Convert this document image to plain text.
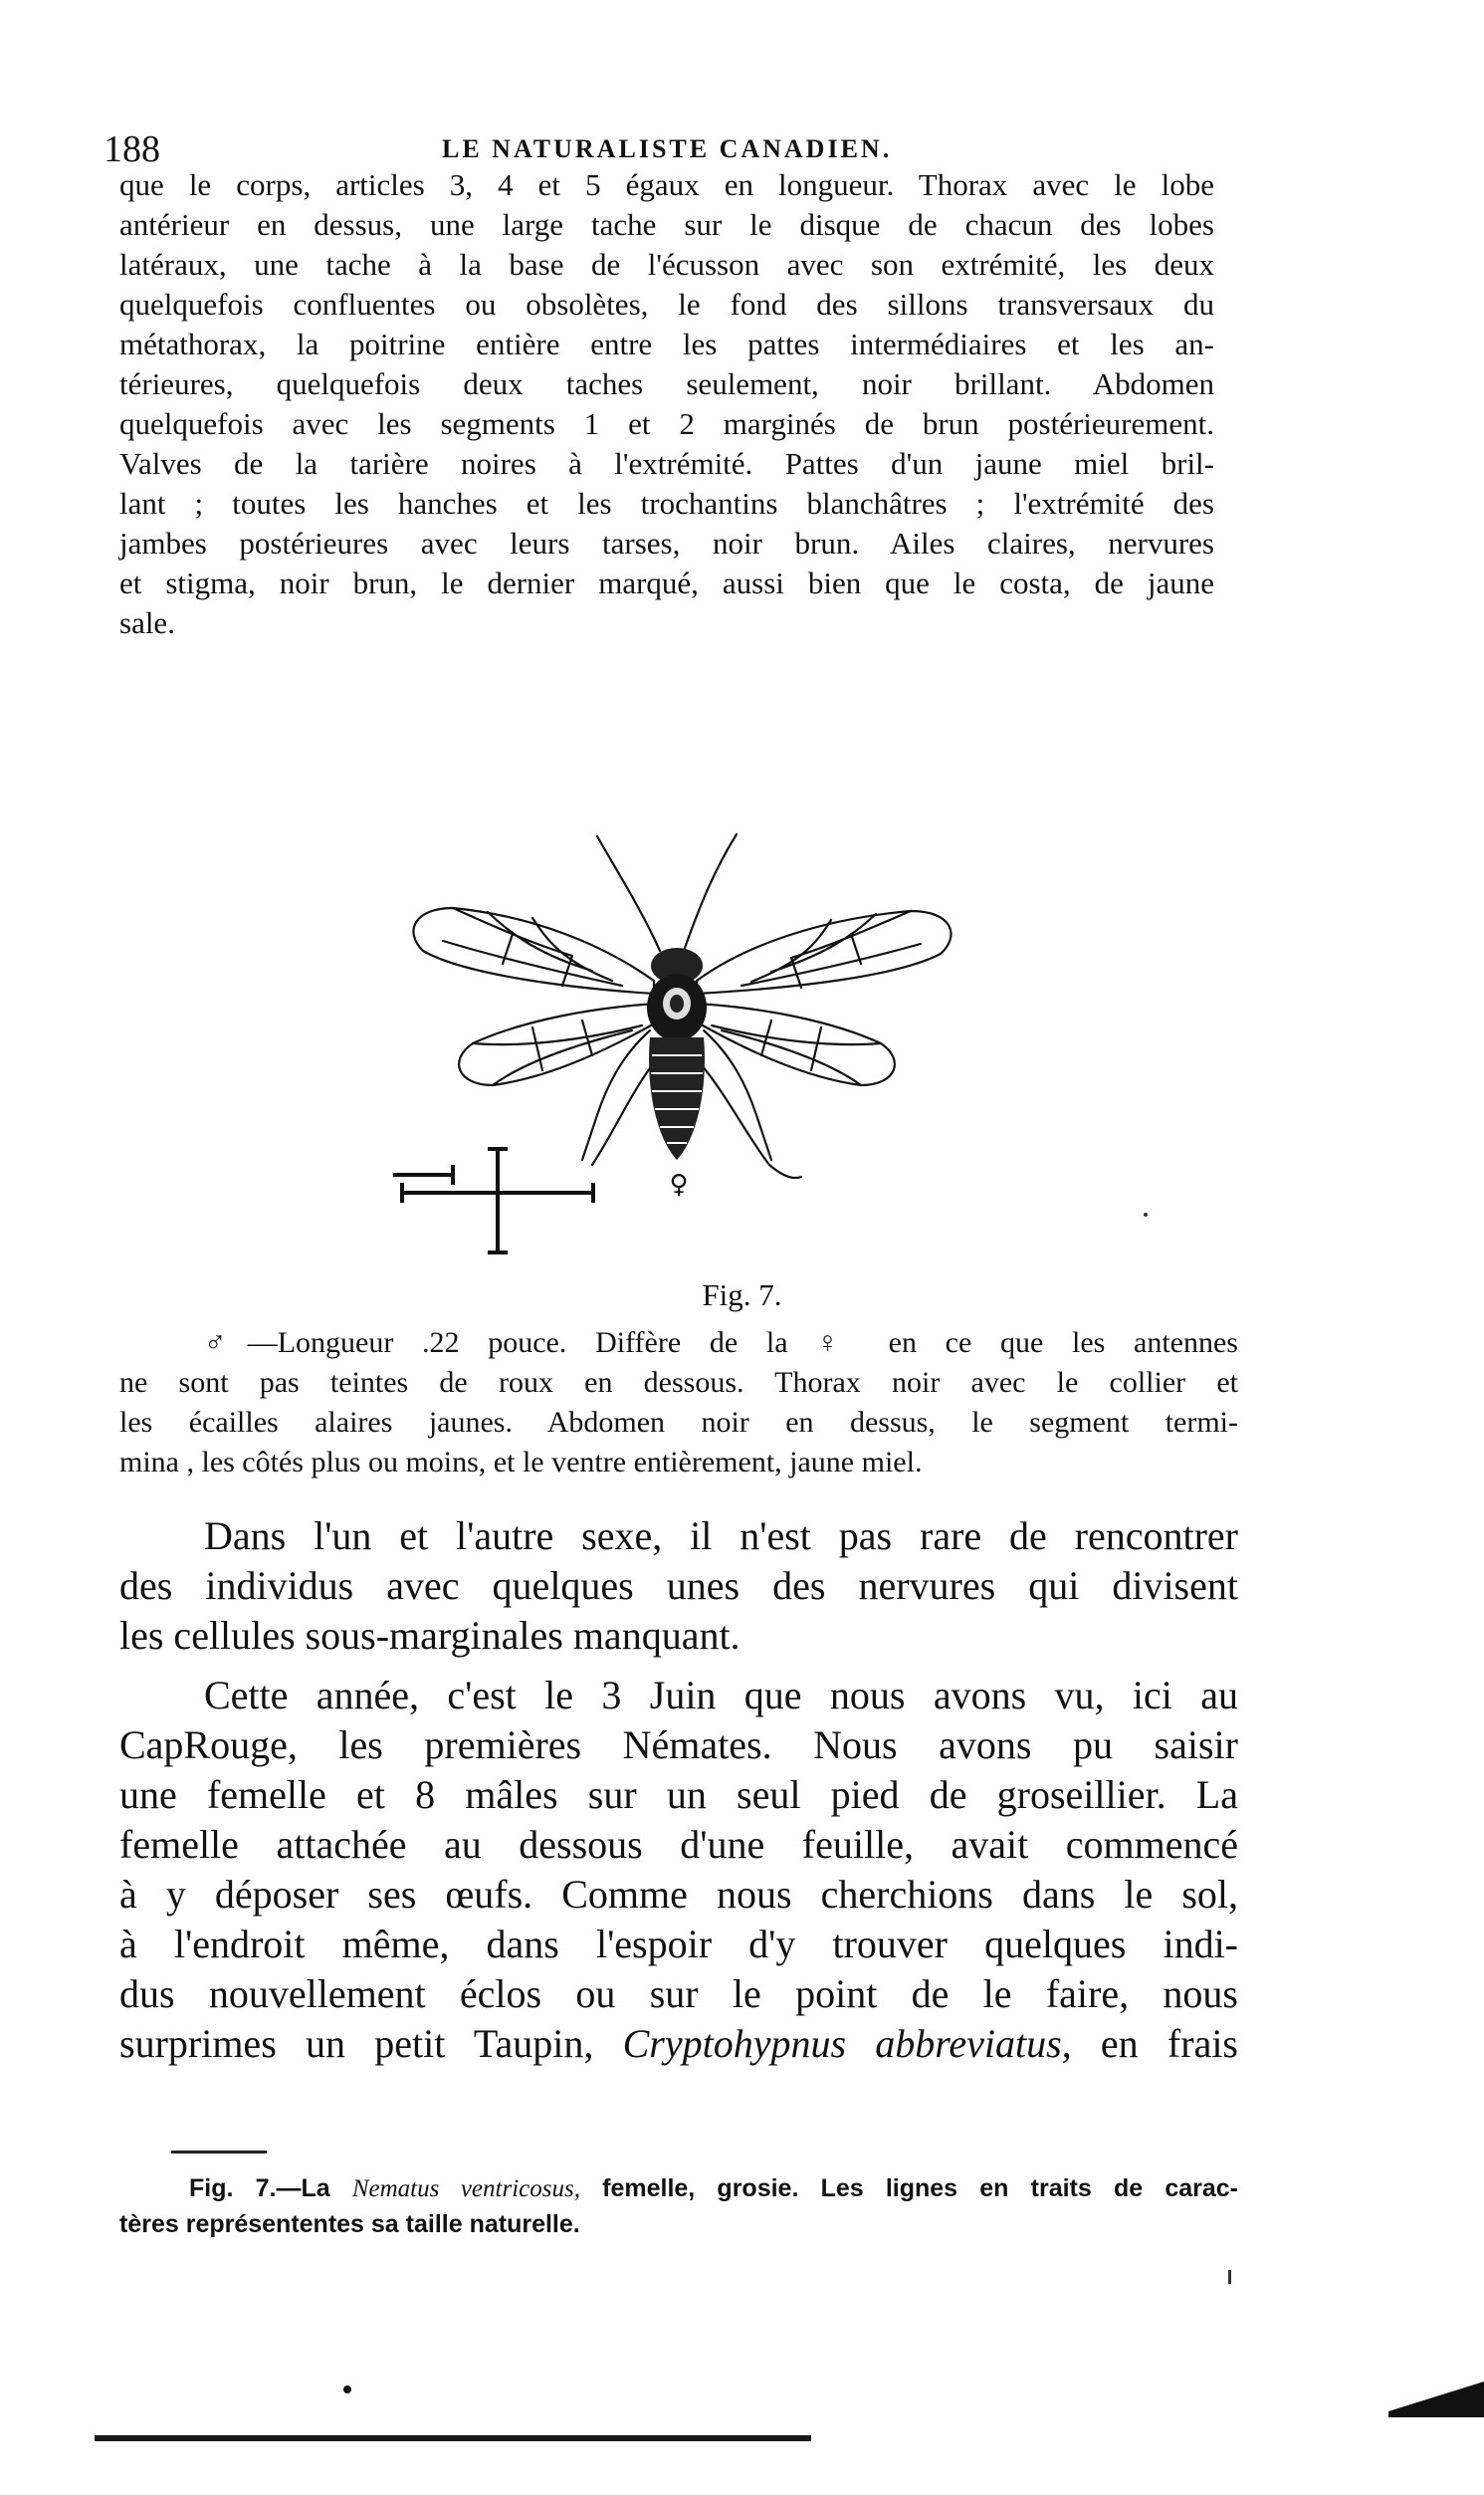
188	LE NATURALISTE CANADIEN.
que le corps, articles 3, 4 et 5 égaux en longueur. Thorax avec le lobe
antérieur en dessus, une large tache sur le disque de chacun des lobes
latéraux, une tache à la base de l'écusson avec son extrémité, les deux
quelquefois confluentes ou obsolètes, le fond des sillons transversaux du
métathorax, la poitrine entière entre les pattes intermédiaires et les an-
térieures, quelquefois deux taches seulement, noir brillant. Abdomen
quelquefois avec les segments 1 et 2 marginés de brun postérieurement.
Valves de la tarière noires à l'extrémité. Pattes d'un jaune miel bril-
lant ; toutes les hanches et les trochantins blanchâtres ; l'extrémité des
jambes postérieures avec leurs tarses, noir brun. Ailes claires, nervures
et stigma, noir brun, le dernier marqué, aussi bien que le costa, de jaune
sale.
♀
Fig. 7.
♂—Longueur .22 pouce. Diffère de la ♀ en ce que les antennes
ne sont pas teintes de roux en dessous. Thorax noir avec le collier et
les écailles alaires jaunes. Abdomen noir en dessus, le segment termi-
mina , les côtés plus ou moins, et le ventre entièrement, jaune miel.
Dans l'un et l'autre sexe, il n'est pas rare de rencontrer
des individus avec quelques unes des nervures qui divisent
les cellules sous-marginales manquant.
Cette année, c'est le 3 Juin que nous avons vu, ici au
CapRouge, les premières Némates. Nous avons pu saisir
une femelle et 8 mâles sur un seul pied de groseillier. La
femelle attachée au dessous d'une feuille, avait commencé
à y déposer ses œufs. Comme nous cherchions dans le sol,
à l'endroit même, dans l'espoir d'y trouver quelques indi-
dus nouvellement éclos ou sur le point de le faire, nous
surprimes un petit Taupin, Cryptohypnus abbreviatus, en frais
Fig. 7.—La Nematus ventricosus, femelle, grosie. Les lignes en traits de carac-
tères représententes sa taille naturelle.
